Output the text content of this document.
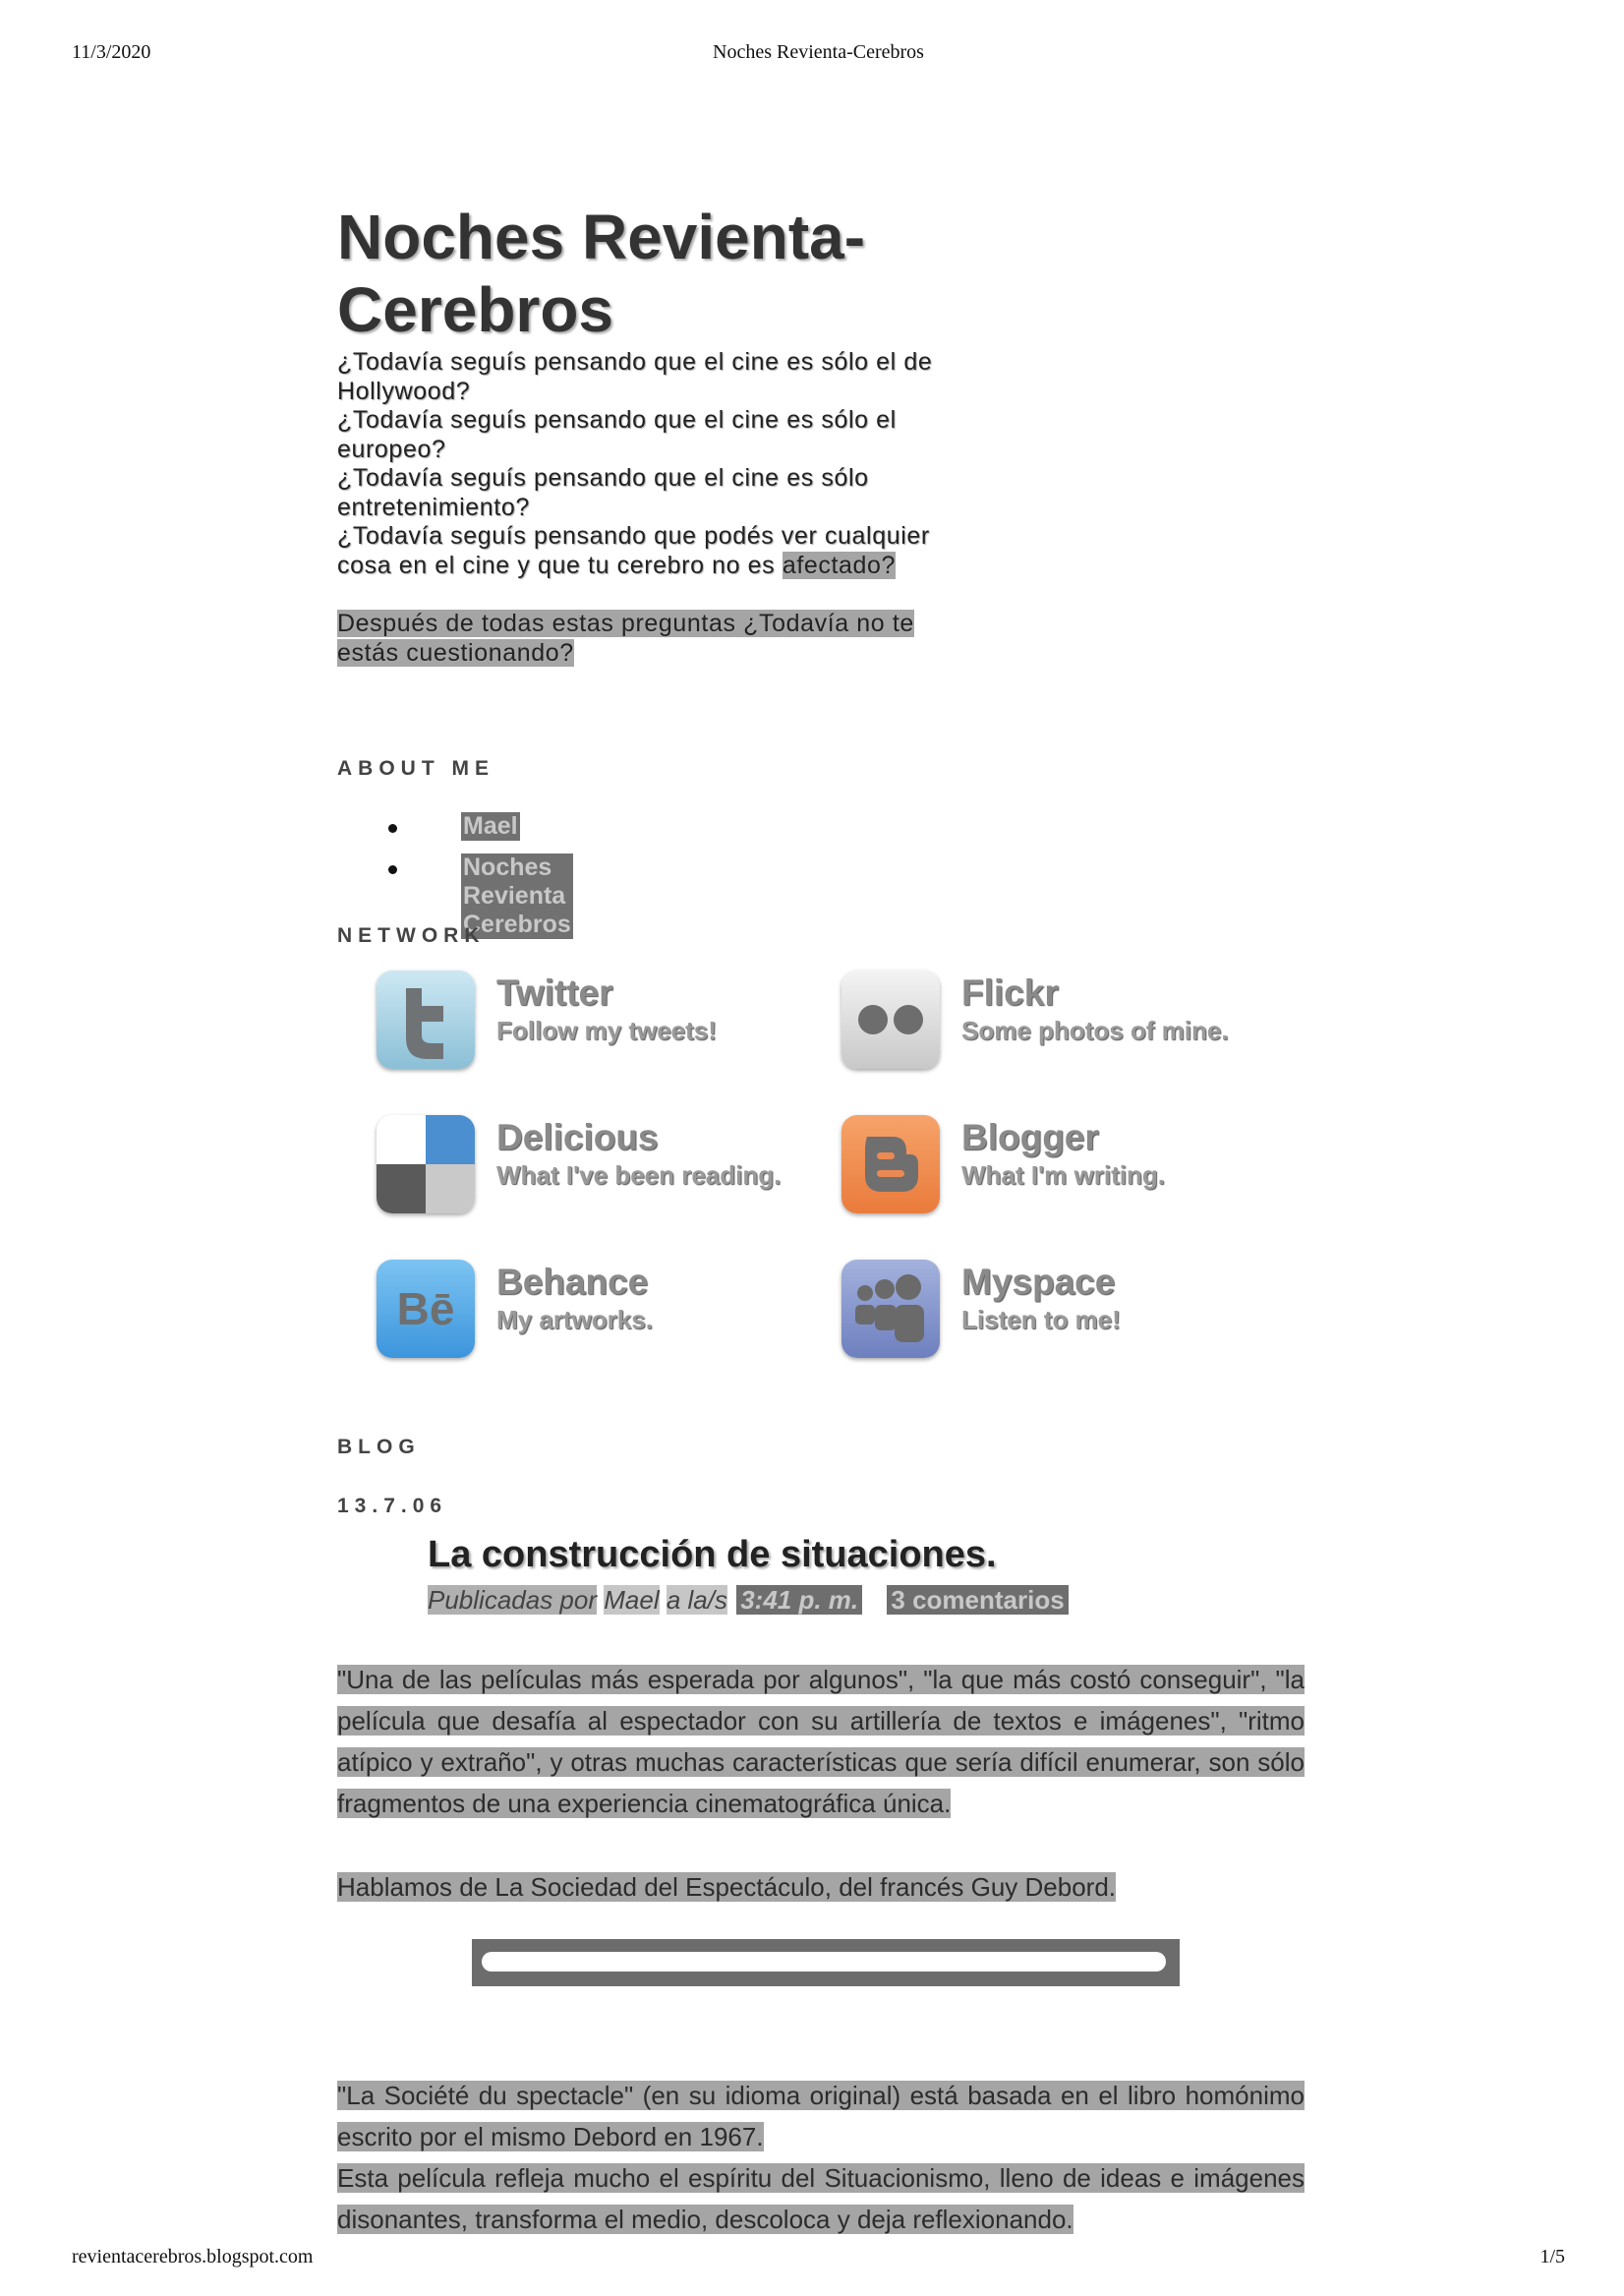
11/3/2020	Noches Revienta-Cerebros
Noches Revienta-Cerebros
¿Todavía seguís pensando que el cine es sólo el de Hollywood?
¿Todavía seguís pensando que el cine es sólo el europeo?
¿Todavía seguís pensando que el cine es sólo entretenimiento?
¿Todavía seguís pensando que podés ver cualquier cosa en el cine y que tu cerebro no es afectado?
Después de todas estas preguntas ¿Todavía no te estás cuestionando?
ABOUT ME
Mael
Noches Revienta Cerebros
NETWORK
Twitter
Follow my tweets!
Flickr
Some photos of mine.
Delicious
What I've been reading.
Blogger
What I'm writing.
Bē
Behance
My artworks.
Myspace
Listen to me!
BLOG
13.7.06
La construcción de situaciones.
Publicadas por Mael a la/s 3:41 p. m. 3 comentarios
"Una de las películas más esperada por algunos", "la que más costó conseguir", "la película que desafía al espectador con su artillería de textos e imágenes", "ritmo atípico y extraño", y otras muchas características que sería difícil enumerar, son sólo fragmentos de una experiencia cinematográfica única.
Hablamos de La Sociedad del Espectáculo, del francés Guy Debord.
"La Société du spectacle" (en su idioma original) está basada en el libro homónimo escrito por el mismo Debord en 1967.
Esta película refleja mucho el espíritu del Situacionismo, lleno de ideas e imágenes disonantes, transforma el medio, descoloca y deja reflexionando.
revientacerebros.blogspot.com	1/5
